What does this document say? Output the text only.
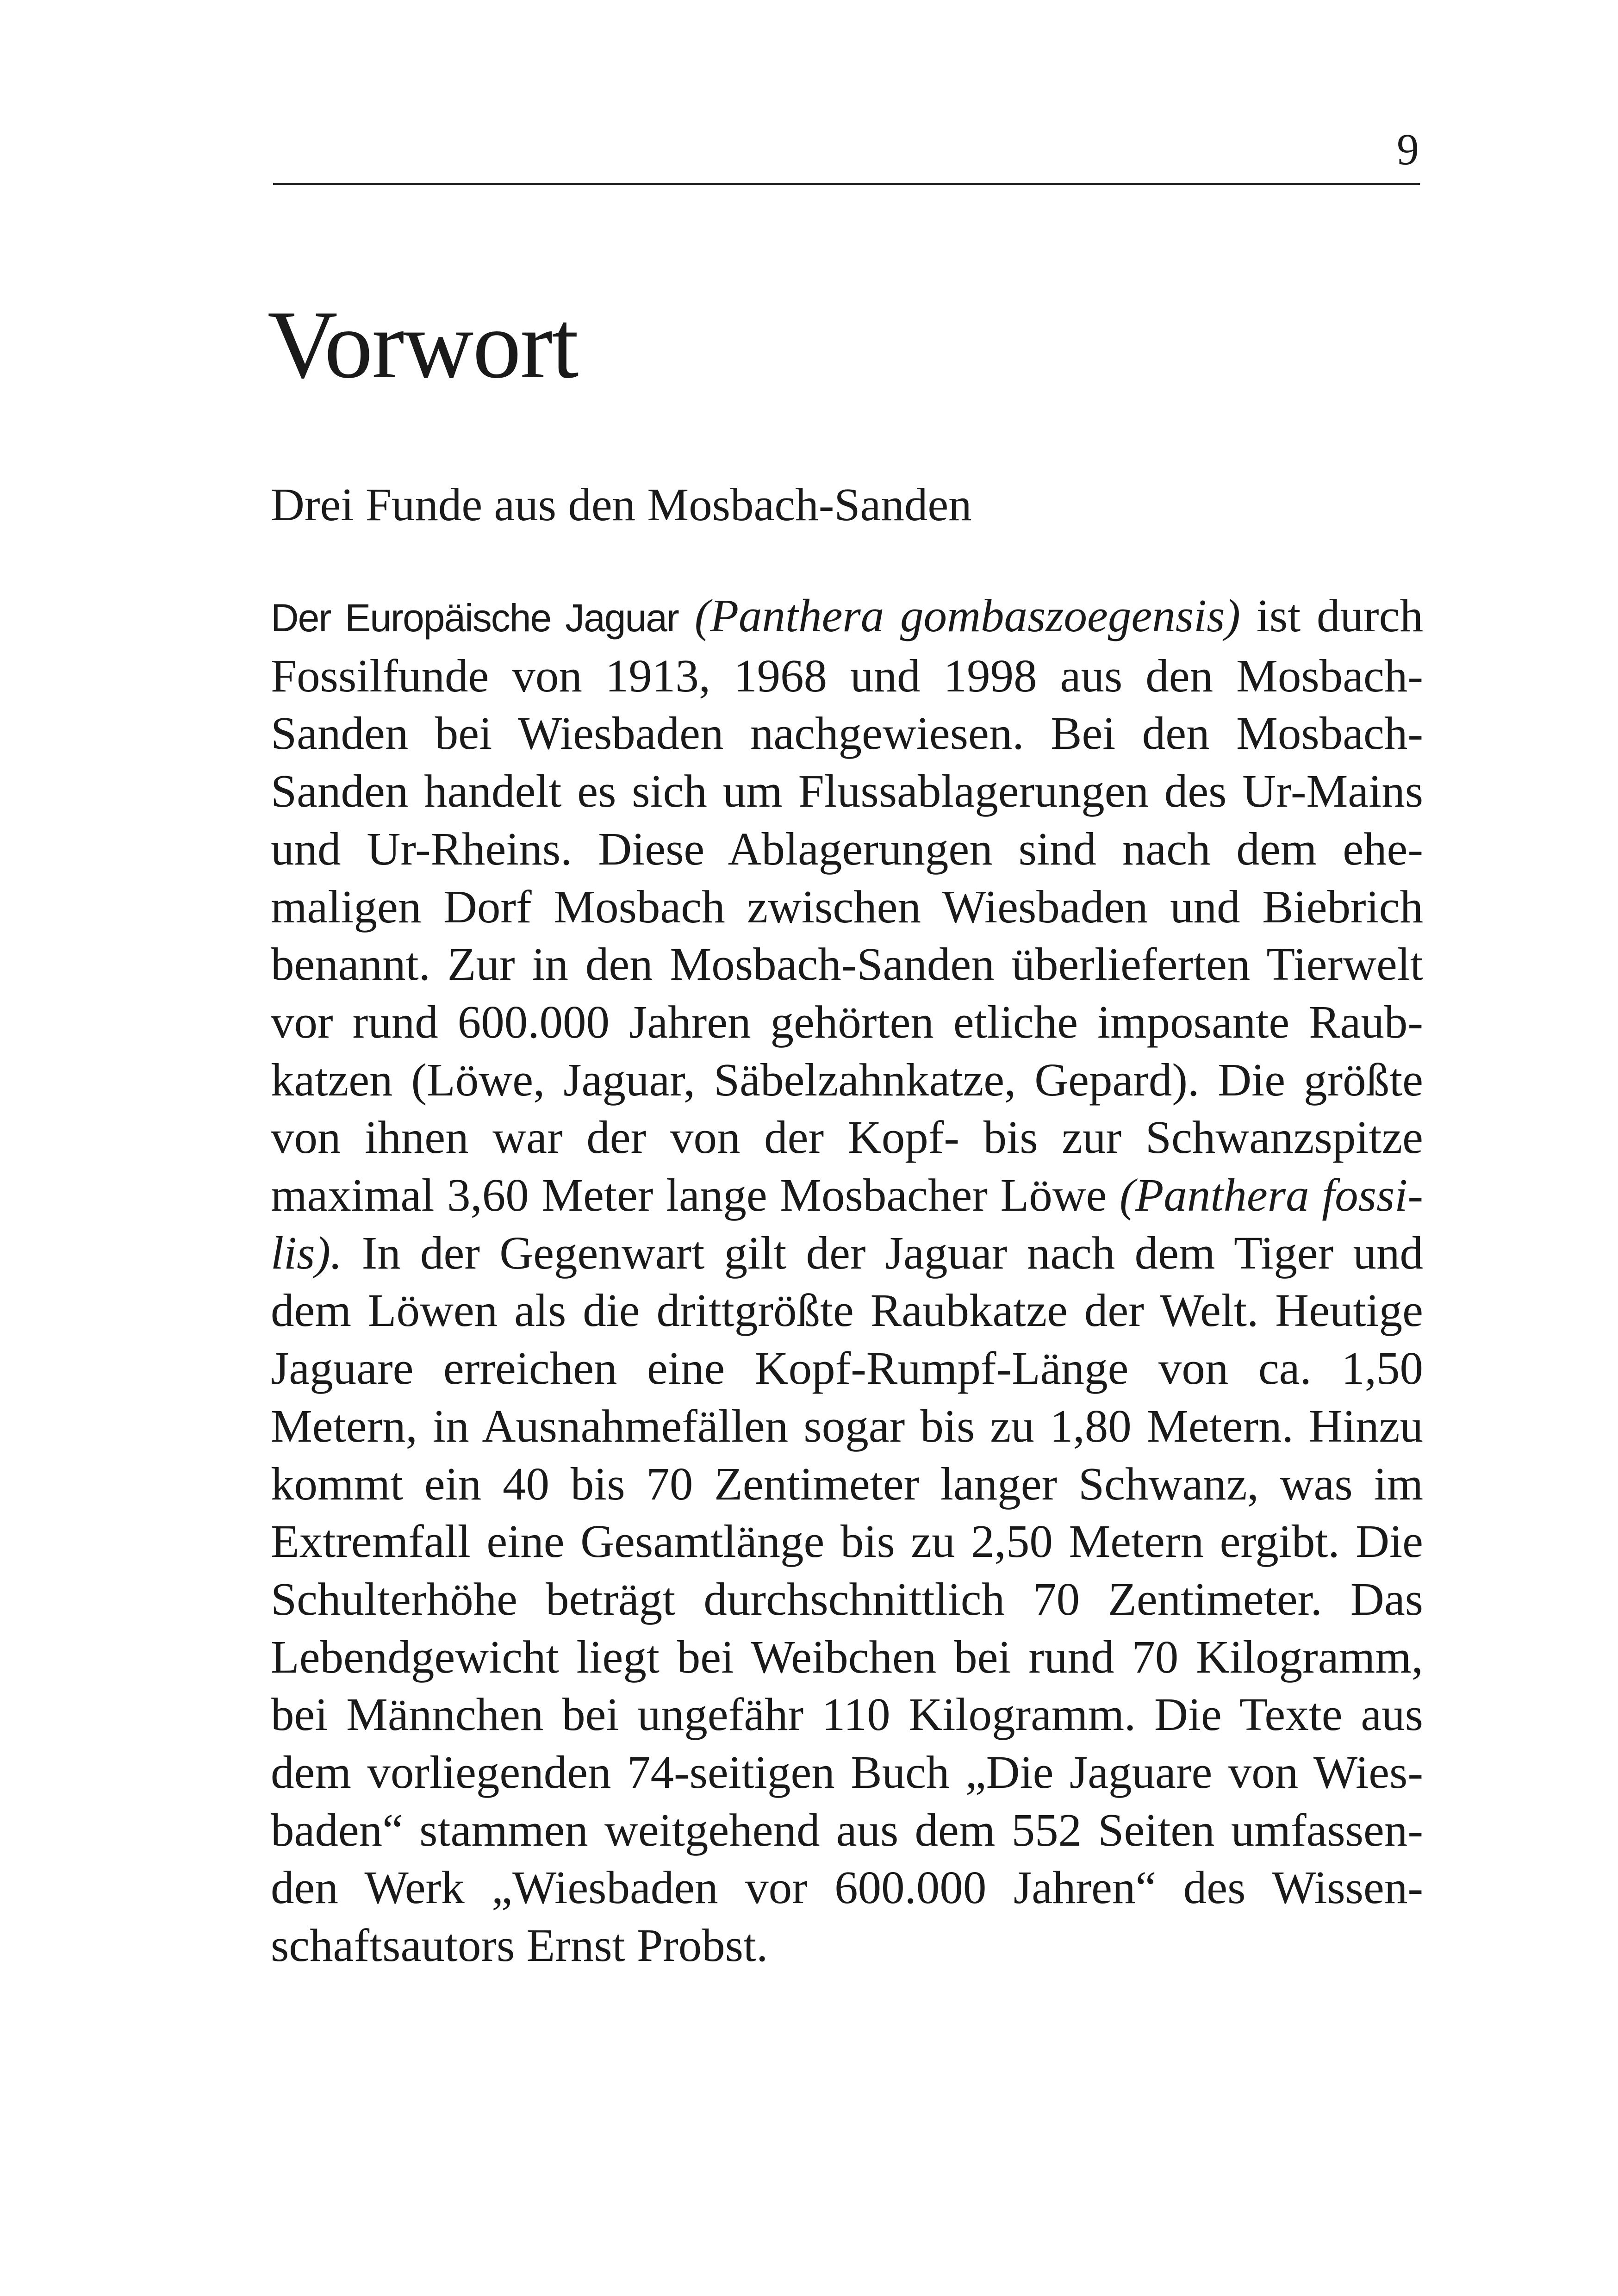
9
Vorwort

Drei Funde aus den Mosbach-Sanden

Der Europäische Jaguar (Panthera gombaszoegensis) ist durch
Fossilfunde von 1913, 1968 und 1998 aus den Mosbach-
Sanden bei Wiesbaden nachgewiesen. Bei den Mosbach-
Sanden handelt es sich um Flussablagerungen des Ur-Mains
und Ur-Rheins. Diese Ablagerungen sind nach dem ehe-
maligen Dorf Mosbach zwischen Wiesbaden und Biebrich
benannt. Zur in den Mosbach-Sanden überlieferten Tierwelt
vor rund 600.000 Jahren gehörten etliche imposante Raub-
katzen (Löwe, Jaguar, Säbelzahnkatze, Gepard). Die größte
von ihnen war der von der Kopf- bis zur Schwanzspitze
maximal 3,60 Meter lange Mosbacher Löwe (Panthera fossi-
lis). In der Gegenwart gilt der Jaguar nach dem Tiger und
dem Löwen als die drittgrößte Raubkatze der Welt. Heutige
Jaguare erreichen eine Kopf-Rumpf-Länge von ca. 1,50
Metern, in Ausnahmefällen sogar bis zu 1,80 Metern. Hinzu
kommt ein 40 bis 70 Zentimeter langer Schwanz, was im
Extremfall eine Gesamtlänge bis zu 2,50 Metern ergibt. Die
Schulterhöhe beträgt durchschnittlich 70 Zentimeter. Das
Lebendgewicht liegt bei Weibchen bei rund 70 Kilogramm,
bei Männchen bei ungefähr 110 Kilogramm. Die Texte aus
dem vorliegenden 74-seitigen Buch „Die Jaguare von Wies-
baden“ stammen weitgehend aus dem 552 Seiten umfassen-
den Werk „Wiesbaden vor 600.000 Jahren“ des Wissen-
schaftsautors Ernst Probst.
